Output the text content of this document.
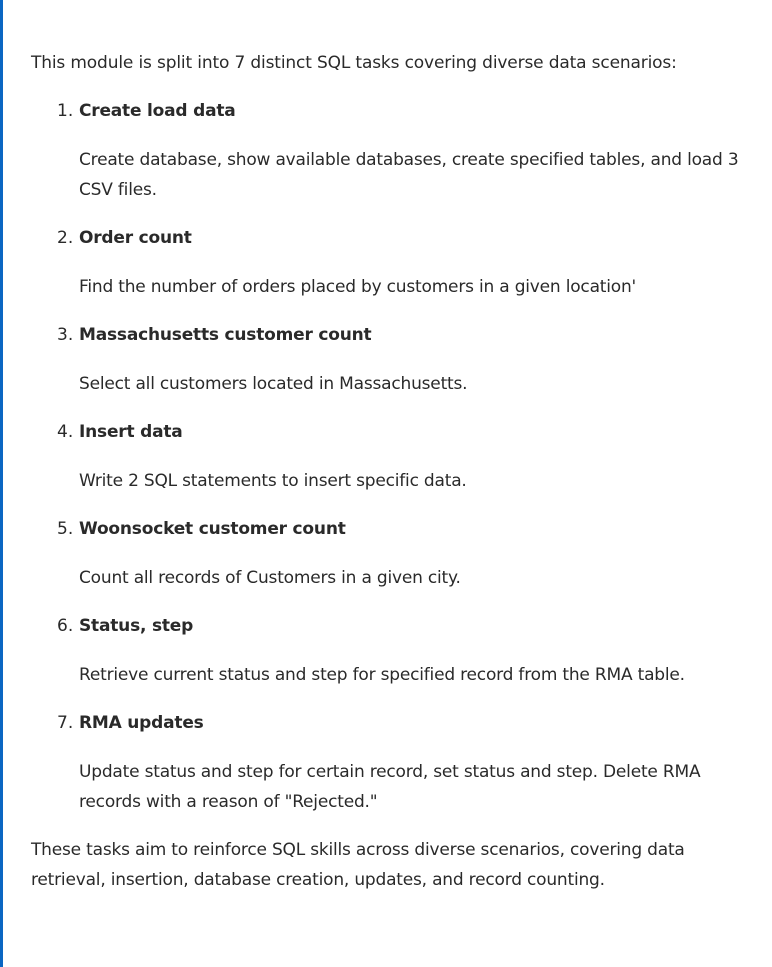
This module is split into 7 distinct SQL tasks covering diverse data scenarios:

1. Create load data

Create database, show available databases, create specified tables, and load 3 CSV files.

2. Order count

Find the number of orders placed by customers in a given location'

3. Massachusetts customer count

Select all customers located in Massachusetts.

4. Insert data

Write 2 SQL statements to insert specific data.

5. Woonsocket customer count

Count all records of Customers in a given city.

6. Status, step

Retrieve current status and step for specified record from the RMA table.

7. RMA updates

Update status and step for certain record, set status and step. Delete RMA records with a reason of "Rejected."

These tasks aim to reinforce SQL skills across diverse scenarios, covering data retrieval, insertion, database creation, updates, and record counting.
